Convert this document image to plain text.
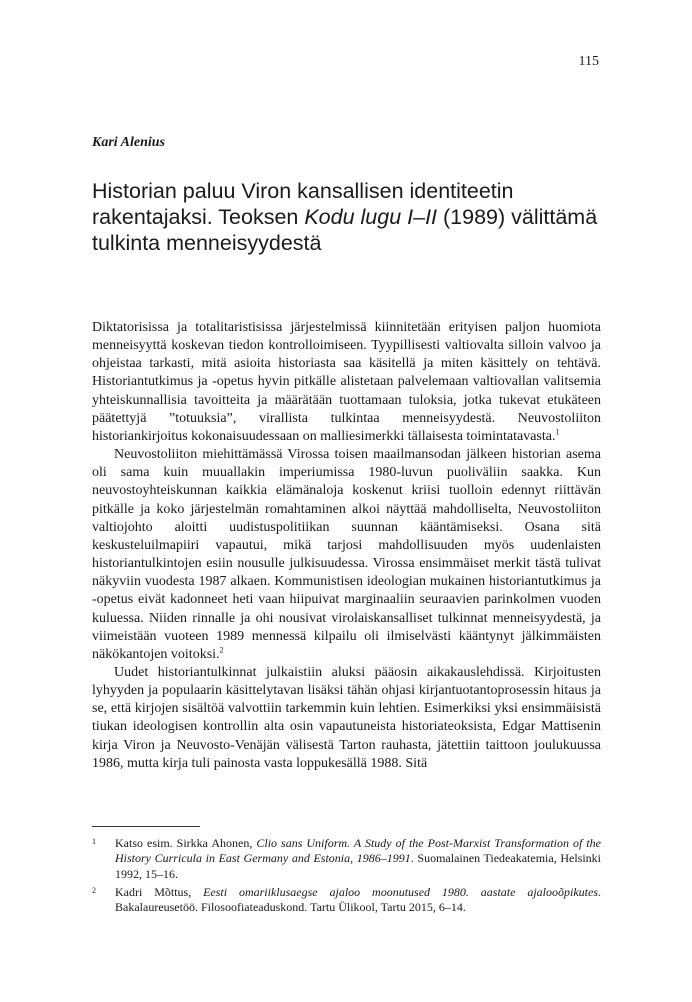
115
Kari Alenius
Historian paluu Viron kansallisen identiteetin rakentajaksi. Teoksen Kodu lugu I–II (1989) välittämä tulkinta menneisyydestä

Diktatorisissa ja totalitaristisissa järjestelmissä kiinnitetään erityisen paljon huomiota menneisyyttä koskevan tiedon kontrolloimiseen. Tyypillisesti valtiovalta silloin valvoo ja ohjeistaa tarkasti, mitä asioita historiasta saa käsitellä ja miten käsittely on tehtävä. Historiantutkimus ja -opetus hyvin pitkälle alistetaan palvelemaan valtiovallan valitsemia yhteiskunnallisia tavoitteita ja määrätään tuottamaan tuloksia, jotka tukevat etukäteen päätettyjä ”totuuksia”, virallista tulkintaa menneisyydestä. Neuvostoliiton historiankirjoitus kokonaisuudessaan on malliesimerkki tällaisesta toimintatavasta.$^1$

Neuvostoliiton miehittämässä Virossa toisen maailmansodan jälkeen historian asema oli sama kuin muuallakin imperiumissa 1980-luvun puoliväliin saakka. Kun neuvostoyhteiskunnan kaikkia elämänaloja koskenut kriisi tuolloin edennyt riittävän pitkälle ja koko järjestelmän romahtaminen alkoi näyttää mahdolliselta, Neuvostoliiton valtiojohto aloitti uudistuspolitiikan suunnan kääntämiseksi. Osana sitä keskusteluilmapiiri vapautui, mikä tarjosi mahdollisuuden myös uudenlaisten historiantulkintojen esiin nousulle julkisuudessa. Virossa ensimmäiset merkit tästä tulivat näkyviin vuodesta 1987 alkaen. Kommunistisen ideologian mukainen historiantutkimus ja -opetus eivät kadonneet heti vaan hiipuivat marginaaliin seuraavien parinkolmen vuoden kuluessa. Niiden rinnalle ja ohi nousivat virolaiskansalliset tulkinnat menneisyydestä, ja viimeistään vuoteen 1989 mennessä kilpailu oli ilmiselvästi kääntynyt jälkimmäisten näkökantojen voitoksi.$^2$

Uudet historiantulkinnat julkaistiin aluksi pääosin aikakauslehdissä. Kirjoitusten lyhyyden ja populaarin käsittelytavan lisäksi tähän ohjasi kirjantuotantoprosessin hitaus ja se, että kirjojen sisältöä valvottiin tarkemmin kuin lehtien. Esimerkiksi yksi ensimmäisistä tiukan ideologisen kontrollin alta osin vapautuneista historiateoksista, Edgar Mattisenin kirja Viron ja Neuvosto-Venäjän välisestä Tarton rauhasta, jätettiin taittoon joulukuussa 1986, mutta kirja tuli painosta vasta loppukesällä 1988. Sitä

1	Katso esim. Sirkka Ahonen, Clio sans Uniform. A Study of the Post-Marxist Transformation of the History Curricula in East Germany and Estonia, 1986–1991. Suomalainen Tiedeakatemia, Helsinki 1992, 15–16.
2	Kadri Mõttus, Eesti omariiklusaegse ajaloo moonutused 1980. aastate ajalooõpikutes. Bakalaureusetöö. Filosoofiateaduskond. Tartu Ülikool, Tartu 2015, 6–14.
